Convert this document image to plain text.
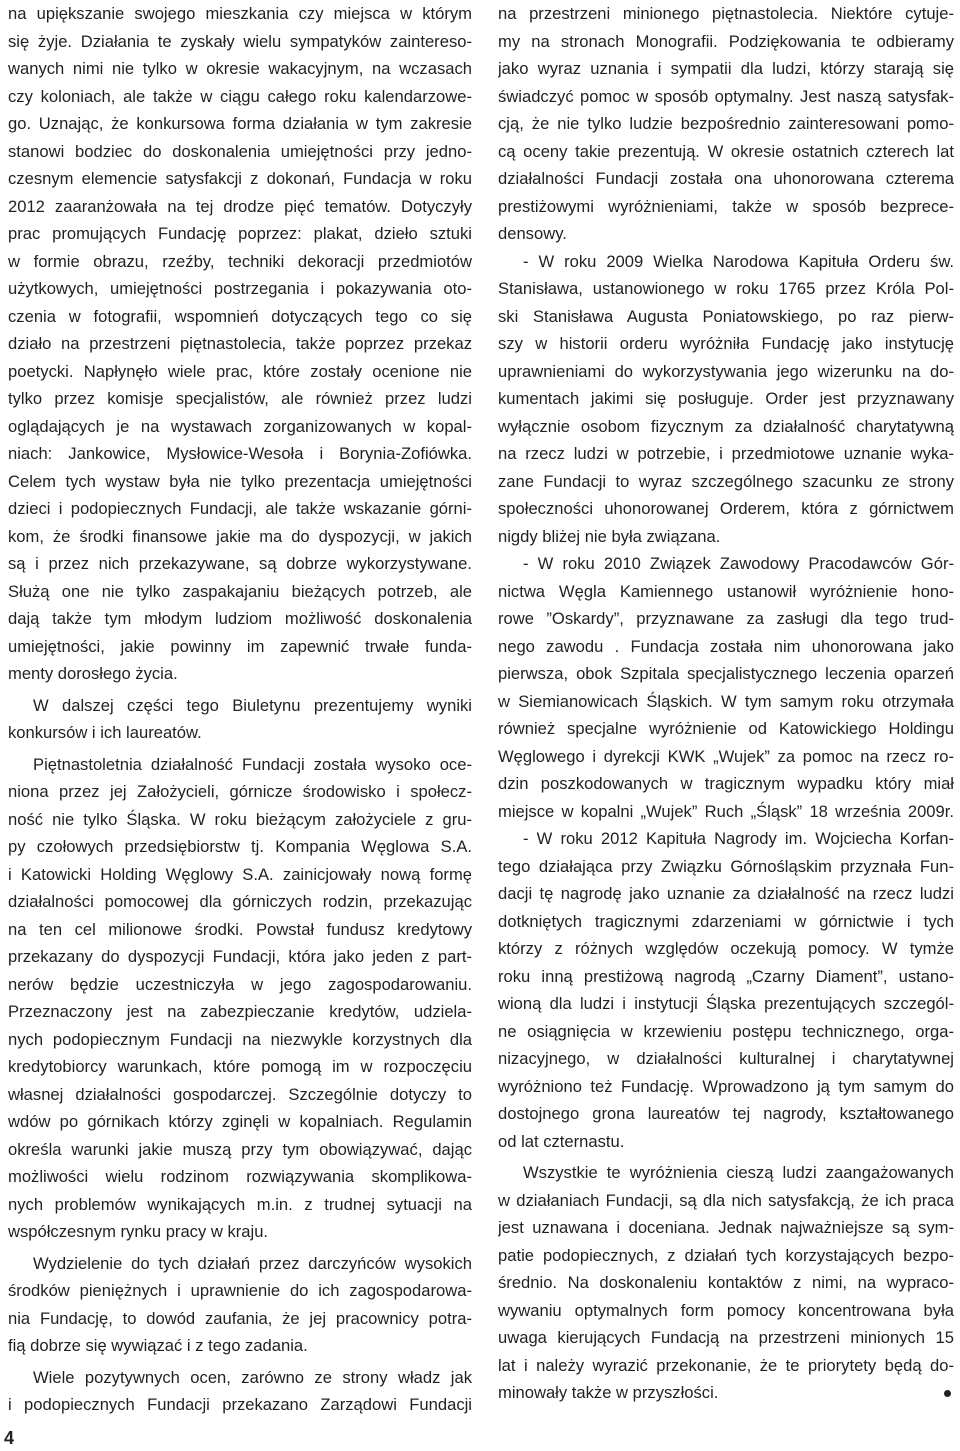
na upiększanie swojego mieszkania czy miejsca w którym
się żyje. Działania te zyskały wielu sympatyków zaintereso-
wanych nimi nie tylko w okresie wakacyjnym, na wczasach
czy koloniach, ale także w ciągu całego roku kalendarzowe-
go. Uznając, że konkursowa forma działania w tym zakresie
stanowi bodziec do doskonalenia umiejętności przy jedno-
czesnym elemencie satysfakcji z dokonań, Fundacja w roku
2012 zaaranżowała na tej drodze pięć tematów. Dotyczyły
prac promujących Fundację poprzez: plakat, dzieło sztuki
w formie obrazu, rzeźby, techniki dekoracji przedmiotów
użytkowych, umiejętności postrzegania i pokazywania oto-
czenia w fotografii, wspomnień dotyczących tego co się
działo na przestrzeni piętnastolecia, także poprzez przekaz
poetycki. Napłynęło wiele prac, które zostały ocenione nie
tylko przez komisje specjalistów, ale również przez ludzi
oglądających je na wystawach zorganizowanych w kopal-
niach: Jankowice, Mysłowice-Wesoła i Borynia-Zofiówka.
Celem tych wystaw była nie tylko prezentacja umiejętności
dzieci i podopiecznych Fundacji, ale także wskazanie górni-
kom, że środki finansowe jakie ma do dyspozycji, w jakich
są i przez nich przekazywane, są dobrze wykorzystywane.
Służą one nie tylko zaspakajaniu bieżących potrzeb, ale
dają także tym młodym ludziom możliwość doskonalenia
umiejętności, jakie powinny im zapewnić trwałe funda-
menty dorosłego życia.
W dalszej części tego Biuletynu prezentujemy wyniki
konkursów i ich laureatów.
Piętnastoletnia działalność Fundacji została wysoko oce-
niona przez jej Założycieli, górnicze środowisko i społecz-
ność nie tylko Śląska. W roku bieżącym założyciele z gru-
py czołowych przedsiębiorstw tj. Kompania Węglowa S.A.
i Katowicki Holding Węglowy S.A. zainicjowały nową formę
działalności pomocowej dla górniczych rodzin, przekazując
na ten cel milionowe środki. Powstał fundusz kredytowy
przekazany do dyspozycji Fundacji, która jako jeden z part-
nerów będzie uczestniczyła w jego zagospodarowaniu.
Przeznaczony jest na zabezpieczanie kredytów, udziela-
nych podopiecznym Fundacji na niezwykle korzystnych dla
kredytobiorcy warunkach, które pomogą im w rozpoczęciu
własnej działalności gospodarczej. Szczególnie dotyczy to
wdów po górnikach którzy zginęli w kopalniach. Regulamin
określa warunki jakie muszą przy tym obowiązywać, dając
możliwości wielu rodzinom rozwiązywania skomplikowa-
nych problemów wynikających m.in. z trudnej sytuacji na
współczesnym rynku pracy w kraju.
Wydzielenie do tych działań przez darczyńców wysokich
środków pieniężnych i uprawnienie do ich zagospodarowa-
nia Fundację, to dowód zaufania, że jej pracownicy potra-
fią dobrze się wywiązać i z tego zadania.
Wiele pozytywnych ocen, zarówno ze strony władz jak
i podopiecznych Fundacji przekazano Zarządowi Fundacji
na przestrzeni minionego piętnastolecia. Niektóre cytuje-
my na stronach Monografii. Podziękowania te odbieramy
jako wyraz uznania i sympatii dla ludzi, którzy starają się
świadczyć pomoc w sposób optymalny. Jest naszą satysfak-
cją, że nie tylko ludzie bezpośrednio zainteresowani pomo-
cą oceny takie prezentują. W okresie ostatnich czterech lat
działalności Fundacji została ona uhonorowana czterema
prestiżowymi wyróżnieniami, także w sposób bezprece-
densowy.
- W roku 2009 Wielka Narodowa Kapituła Orderu św.
Stanisława, ustanowionego w roku 1765 przez Króla Pol-
ski Stanisława Augusta Poniatowskiego, po raz pierw-
szy w historii orderu wyróżniła Fundację jako instytucję
uprawnieniami do wykorzystywania jego wizerunku na do-
kumentach jakimi się posługuje. Order jest przyznawany
wyłącznie osobom fizycznym za działalność charytatywną
na rzecz ludzi w potrzebie, i przedmiotowe uznanie wyka-
zane Fundacji to wyraz szczególnego szacunku ze strony
społeczności uhonorowanej Orderem, która z górnictwem
nigdy bliżej nie była związana.
- W roku 2010 Związek Zawodowy Pracodawców Gór-
nictwa Węgla Kamiennego ustanowił wyróżnienie hono-
rowe ”Oskardy”, przyznawane za zasługi dla tego trud-
nego zawodu . Fundacja została nim uhonorowana jako
pierwsza, obok Szpitala specjalistycznego leczenia oparzeń
w Siemianowicach Śląskich. W tym samym roku otrzymała
również specjalne wyróżnienie od Katowickiego Holdingu
Węglowego i dyrekcji KWK „Wujek” za pomoc na rzecz ro-
dzin poszkodowanych w tragicznym wypadku który miał
miejsce w kopalni „Wujek” Ruch „Śląsk” 18 września 2009r.
- W roku 2012 Kapituła Nagrody im. Wojciecha Korfan-
tego działająca przy Związku Górnośląskim przyznała Fun-
dacji tę nagrodę jako uznanie za działalność na rzecz ludzi
dotkniętych tragicznymi zdarzeniami w górnictwie i tych
którzy z różnych względów oczekują pomocy. W tymże
roku inną prestiżową nagrodą „Czarny Diament”, ustano-
wioną dla ludzi i instytucji Śląska prezentujących szczegól-
ne osiągnięcia w krzewieniu postępu technicznego, orga-
nizacyjnego, w działalności kulturalnej i charytatywnej
wyróżniono też Fundację. Wprowadzono ją tym samym do
dostojnego grona laureatów tej nagrody, kształtowanego
od lat czternastu.
Wszystkie te wyróżnienia cieszą ludzi zaangażowanych
w działaniach Fundacji, są dla nich satysfakcją, że ich praca
jest uznawana i doceniana. Jednak najważniejsze są sym-
patie podopiecznych, z działań tych korzystających bezpo-
średnio. Na doskonaleniu kontaktów z nimi, na wypraco-
wywaniu optymalnych form pomocy koncentrowana była
uwaga kierujących Fundacją na przestrzeni minionych 15
lat i należy wyrazić przekonanie, że te priorytety będą do-
minowały także w przyszłości.
4
